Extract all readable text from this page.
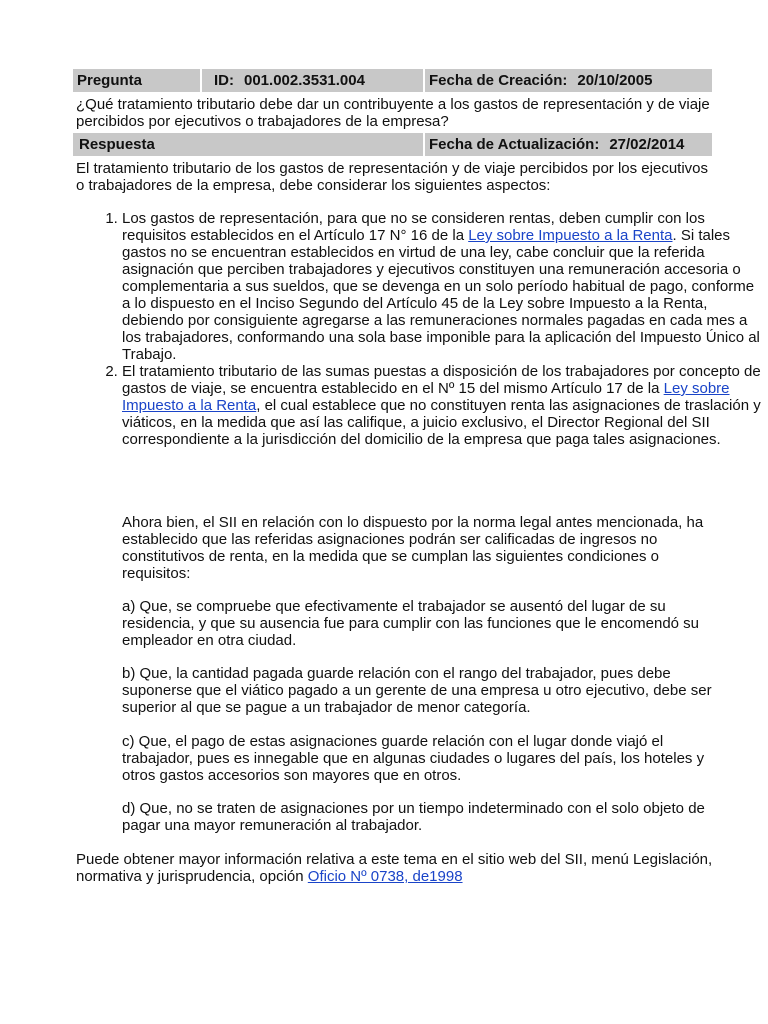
Pregunta	ID: 001.002.3531.004	Fecha de Creación: 20/10/2005
¿Qué tratamiento tributario debe dar un contribuyente a los gastos de representación y de viaje percibidos por ejecutivos o trabajadores de la empresa?
Respuesta	Fecha de Actualización: 27/02/2014
El tratamiento tributario de los gastos de representación y de viaje percibidos por los ejecutivos o trabajadores de la empresa, debe considerar los siguientes aspectos:
1. Los gastos de representación, para que no se consideren rentas, deben cumplir con los requisitos establecidos en el Artículo 17 N° 16 de la Ley sobre Impuesto a la Renta. Si tales gastos no se encuentran establecidos en virtud de una ley, cabe concluir que la referida asignación que perciben trabajadores y ejecutivos constituyen una remuneración accesoria o complementaria a sus sueldos, que se devenga en un solo período habitual de pago, conforme a lo dispuesto en el Inciso Segundo del Artículo 45 de la Ley sobre Impuesto a la Renta, debiendo por consiguiente agregarse a las remuneraciones normales pagadas en cada mes a los trabajadores, conformando una sola base imponible para la aplicación del Impuesto Único al Trabajo.
2. El tratamiento tributario de las sumas puestas a disposición de los trabajadores por concepto de gastos de viaje, se encuentra establecido en el Nº 15 del mismo Artículo 17 de la Ley sobre Impuesto a la Renta, el cual establece que no constituyen renta las asignaciones de traslación y viáticos, en la medida que así las califique, a juicio exclusivo, el Director Regional del SII correspondiente a la jurisdicción del domicilio de la empresa que paga tales asignaciones.
Ahora bien, el SII en relación con lo dispuesto por la norma legal antes mencionada, ha establecido que las referidas asignaciones podrán ser calificadas de ingresos no constitutivos de renta, en la medida que se cumplan las siguientes condiciones o requisitos:
a) Que, se compruebe que efectivamente el trabajador se ausentó del lugar de su residencia, y que su ausencia fue para cumplir con las funciones que le encomendó su empleador en otra ciudad.
b) Que, la cantidad pagada guarde relación con el rango del trabajador, pues debe suponerse que el viático pagado a un gerente de una empresa u otro ejecutivo, debe ser superior al que se pague a un trabajador de menor categoría.
c) Que, el pago de estas asignaciones guarde relación con el lugar donde viajó el trabajador, pues es innegable que en algunas ciudades o lugares del país, los hoteles y otros gastos accesorios son mayores que en otros.
d) Que, no se traten de asignaciones por un tiempo indeterminado con el solo objeto de pagar una mayor remuneración al trabajador.
Puede obtener mayor información relativa a este tema en el sitio web del SII, menú Legislación, normativa y jurisprudencia, opción Oficio Nº 0738, de1998
